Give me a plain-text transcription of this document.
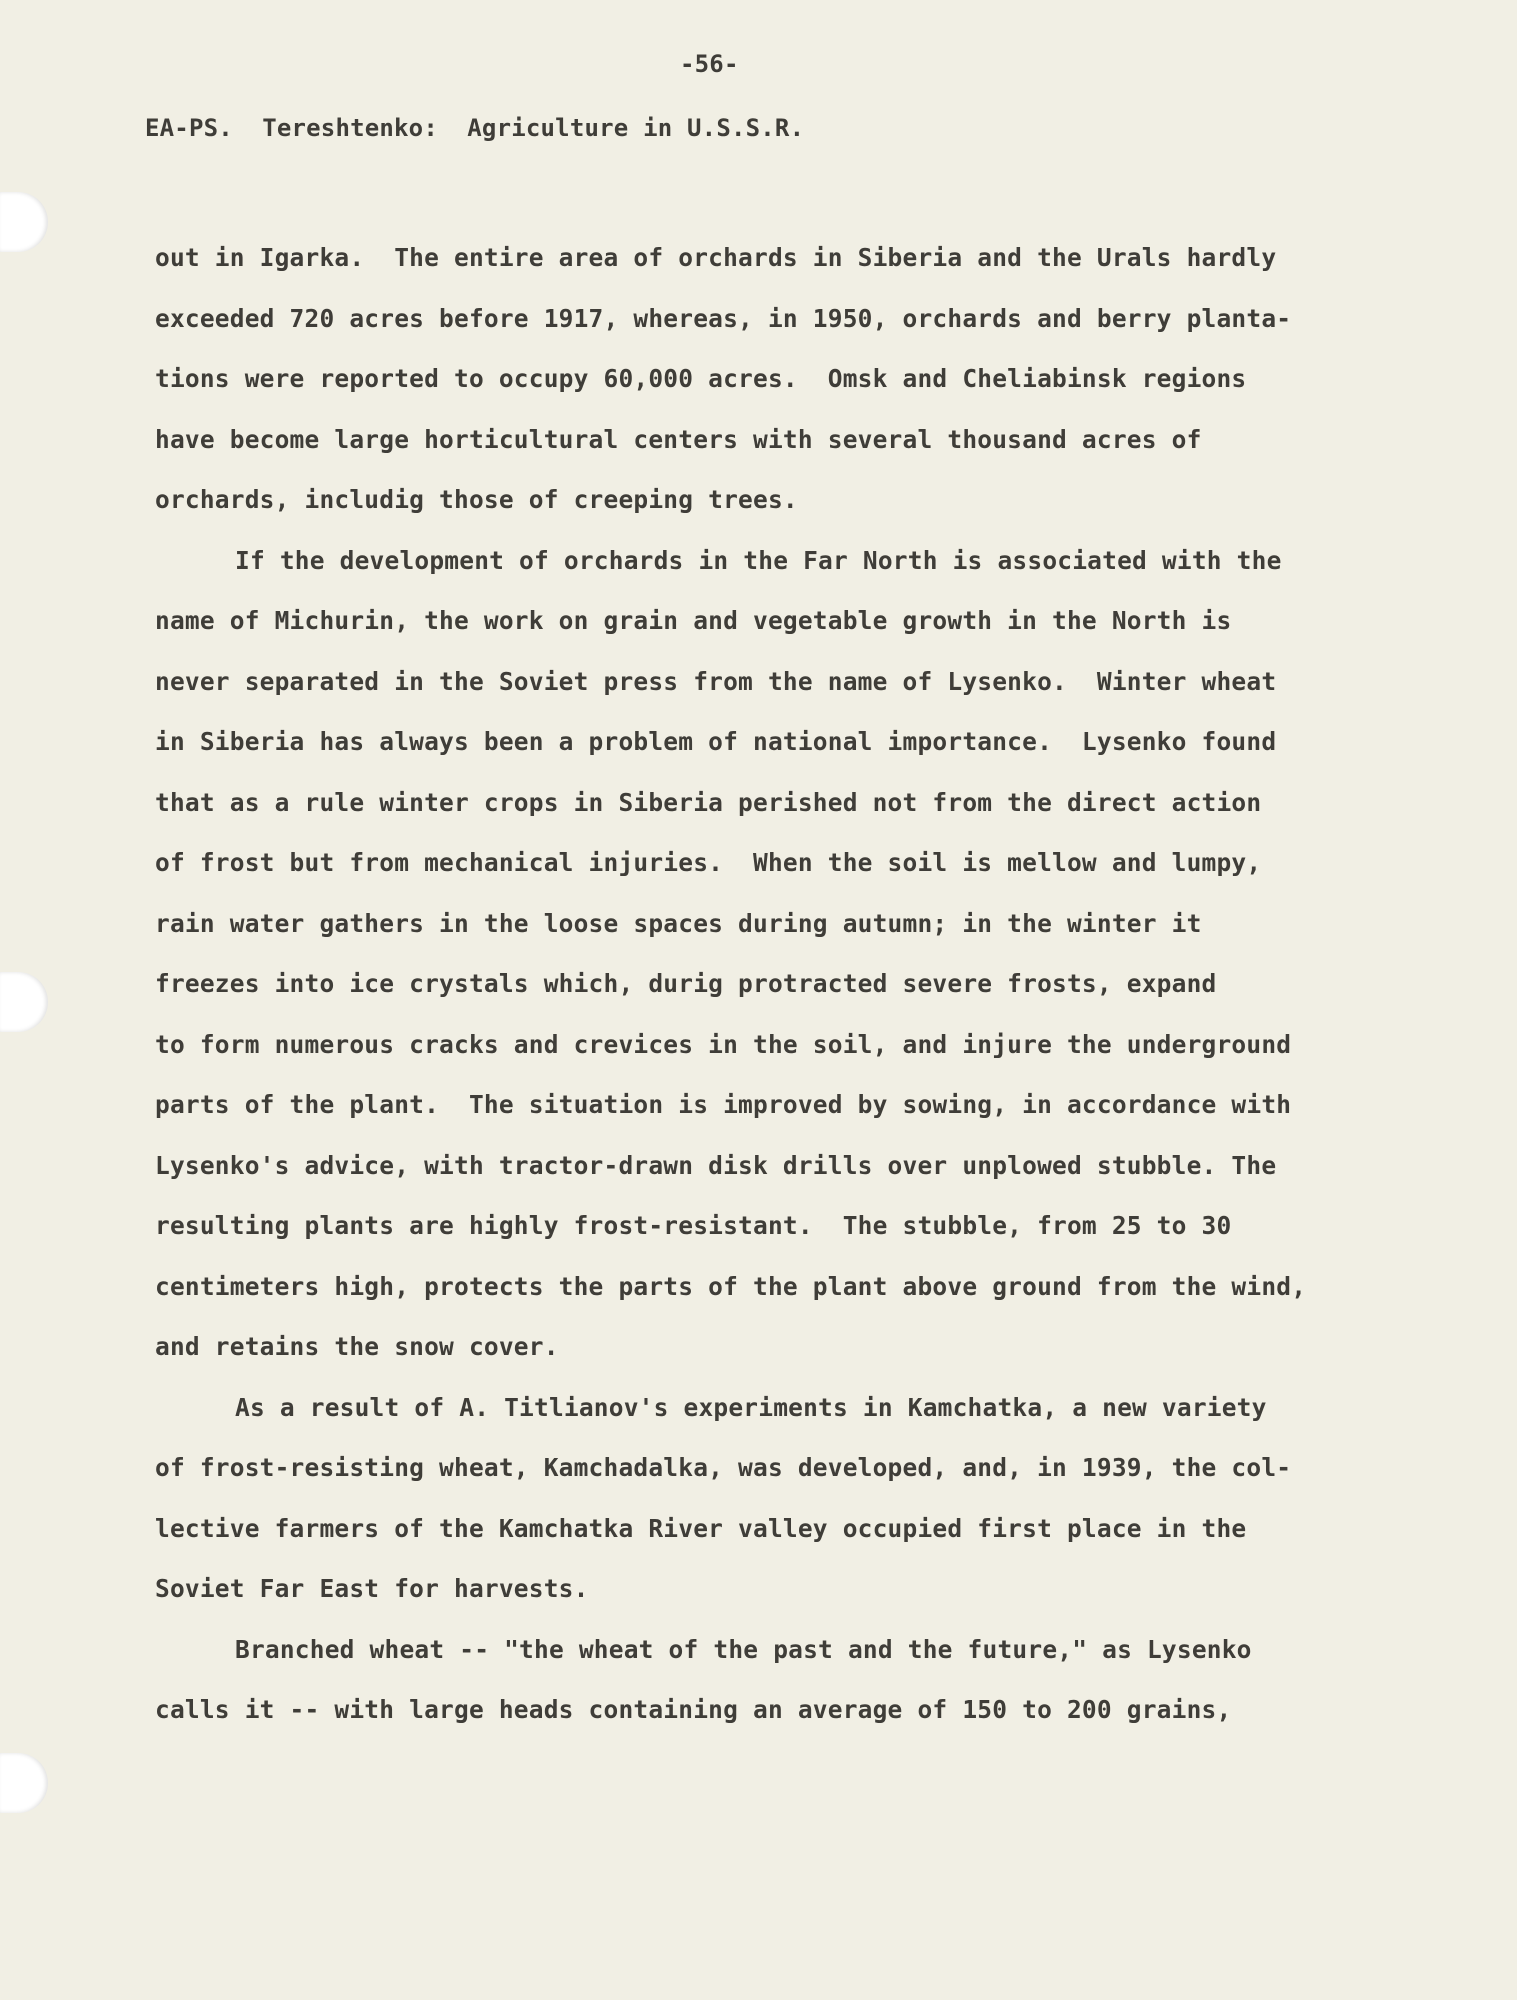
-56-
EA-PS.  Tereshtenko:  Agriculture in U.S.S.R.
out in Igarka.  The entire area of orchards in Siberia and the Urals hardly
exceeded 720 acres before 1917, whereas, in 1950, orchards and berry planta-
tions were reported to occupy 60,000 acres.  Omsk and Cheliabinsk regions
have become large horticultural centers with several thousand acres of
orchards, includig those of creeping trees.
If the development of orchards in the Far North is associated with the
name of Michurin, the work on grain and vegetable growth in the North is
never separated in the Soviet press from the name of Lysenko.  Winter wheat
in Siberia has always been a problem of national importance.  Lysenko found
that as a rule winter crops in Siberia perished not from the direct action
of frost but from mechanical injuries.  When the soil is mellow and lumpy,
rain water gathers in the loose spaces during autumn; in the winter it
freezes into ice crystals which, durig protracted severe frosts, expand
to form numerous cracks and crevices in the soil, and injure the underground
parts of the plant.  The situation is improved by sowing, in accordance with
Lysenko's advice, with tractor-drawn disk drills over unplowed stubble. The
resulting plants are highly frost-resistant.  The stubble, from 25 to 30
centimeters high, protects the parts of the plant above ground from the wind,
and retains the snow cover.
As a result of A. Titlianov's experiments in Kamchatka, a new variety
of frost-resisting wheat, Kamchadalka, was developed, and, in 1939, the col-
lective farmers of the Kamchatka River valley occupied first place in the
Soviet Far East for harvests.
Branched wheat -- "the wheat of the past and the future," as Lysenko
calls it -- with large heads containing an average of 150 to 200 grains,
